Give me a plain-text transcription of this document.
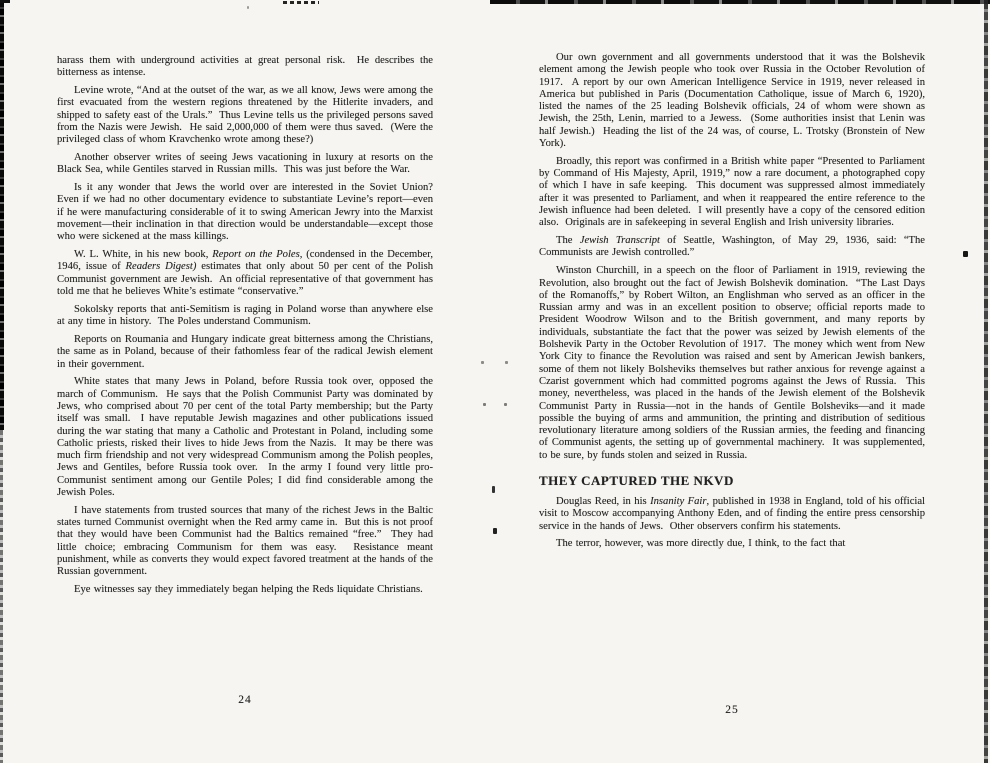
harass them with underground activities at great personal risk.  He describes the bitterness as intense.

Levine wrote, “And at the outset of the war, as we all know, Jews were among the first evacuated from the western regions threatened by the Hitlerite invaders, and shipped to safety east of the Urals.”  Thus Levine tells us the privileged persons saved from the Nazis were Jewish.  He said 2,000,000 of them were thus saved.  (Were the privileged class of whom Kravchenko wrote among these?)

Another observer writes of seeing Jews vacationing in luxury at resorts on the Black Sea, while Gentiles starved in Russian mills.  This was just before the War.

Is it any wonder that Jews the world over are interested in the Soviet Union?  Even if we had no other documentary evidence to substantiate Levine’s report—even if he were manufacturing considerable of it to swing American Jewry into the Marxist movement—their inclination in that direction would be understandable—except those who were sickened at the mass killings.

W. L. White, in his new book, Report on the Poles, (condensed in the December, 1946, issue of Readers Digest) estimates that only about 50 per cent of the Polish Communist government are Jewish.  An official representative of that government has told me that he believes White’s estimate “conservative.”

Sokolsky reports that anti-Semitism is raging in Poland worse than anywhere else at any time in history.  The Poles understand Communism.

Reports on Roumania and Hungary indicate great bitterness among the Christians, the same as in Poland, because of their fathomless fear of the radical Jewish element in their government.

White states that many Jews in Poland, before Russia took over, opposed the march of Communism.  He says that the Polish Communist Party was dominated by Jews, who comprised about 70 per cent of the total Party membership; but the Party itself was small.  I have reputable Jewish magazines and other publications issued during the war stating that many a Catholic and Protestant in Poland, including some Catholic priests, risked their lives to hide Jews from the Nazis.  It may be there was much firm friendship and not very widespread Communism among the Polish peoples, Jews and Gentiles, before Russia took over.  In the army I found very little pro-Communist sentiment among our Gentile Poles; I did find considerable among the Jewish Poles.

I have statements from trusted sources that many of the richest Jews in the Baltic states turned Communist overnight when the Red army came in.  But this is not proof that they would have been Communist had the Baltics remained “free.”  They had little choice; embracing Communism for them was easy.  Resistance meant punishment, while as converts they would expect favored treatment at the hands of the Russian government.

Eye witnesses say they immediately began helping the Reds liquidate Christians.

Our own government and all governments understood that it was the Bolshevik element among the Jewish people who took over Russia in the October Revolution of 1917.  A report by our own American Intelligence Service in 1919, never released in America but published in Paris (Documentation Catholique, issue of March 6, 1920), listed the names of the 25 leading Bolshevik officials, 24 of whom were shown as Jewish, the 25th, Lenin, married to a Jewess.  (Some authorities insist that Lenin was half Jewish.)  Heading the list of the 24 was, of course, L. Trotsky (Bronstein of New York).

Broadly, this report was confirmed in a British white paper “Presented to Parliament by Command of His Majesty, April, 1919,” now a rare document, a photographed copy of which I have in safe keeping.  This document was suppressed almost immediately after it was presented to Parliament, and when it reappeared the entire reference to the Jewish influence had been deleted.  I will presently have a copy of the censored edition also.  Originals are in safekeeping in several English and Irish university libraries.

The Jewish Transcript of Seattle, Washington, of May 29, 1936, said: “The Communists are Jewish controlled.”

Winston Churchill, in a speech on the floor of Parliament in 1919, reviewing the Revolution, also brought out the fact of Jewish Bolshevik domination.  “The Last Days of the Romanoffs,” by Robert Wilton, an Englishman who served as an officer in the Russian army and was in an excellent position to observe; official reports made to President Woodrow Wilson and to the British government, and many reports by individuals, substantiate the fact that the power was seized by Jewish elements of the Bolshevik Party in the October Revolution of 1917.  The money which went from New York City to finance the Revolution was raised and sent by American Jewish bankers, some of them not likely Bolsheviks themselves but rather anxious for revenge against a Czarist government which had committed pogroms against the Jews of Russia.  This money, nevertheless, was placed in the hands of the Jewish element of the Bolshevik Communist Party in Russia—not in the hands of Gentile Bolsheviks—and it made possible the buying of arms and ammunition, the printing and distribution of seditious revolutionary literature among soldiers of the Russian armies, the feeding and financing of Communist agents, the setting up of governmental machinery.  It was supplemented, to be sure, by funds stolen and seized in Russia.

THEY CAPTURED THE NKVD

Douglas Reed, in his Insanity Fair, published in 1938 in England, told of his official visit to Moscow accompanying Anthony Eden, and of finding the entire press censorship service in the hands of Jews.  Other observers confirm his statements.

The terror, however, was more directly due, I think, to the fact that

24
25
